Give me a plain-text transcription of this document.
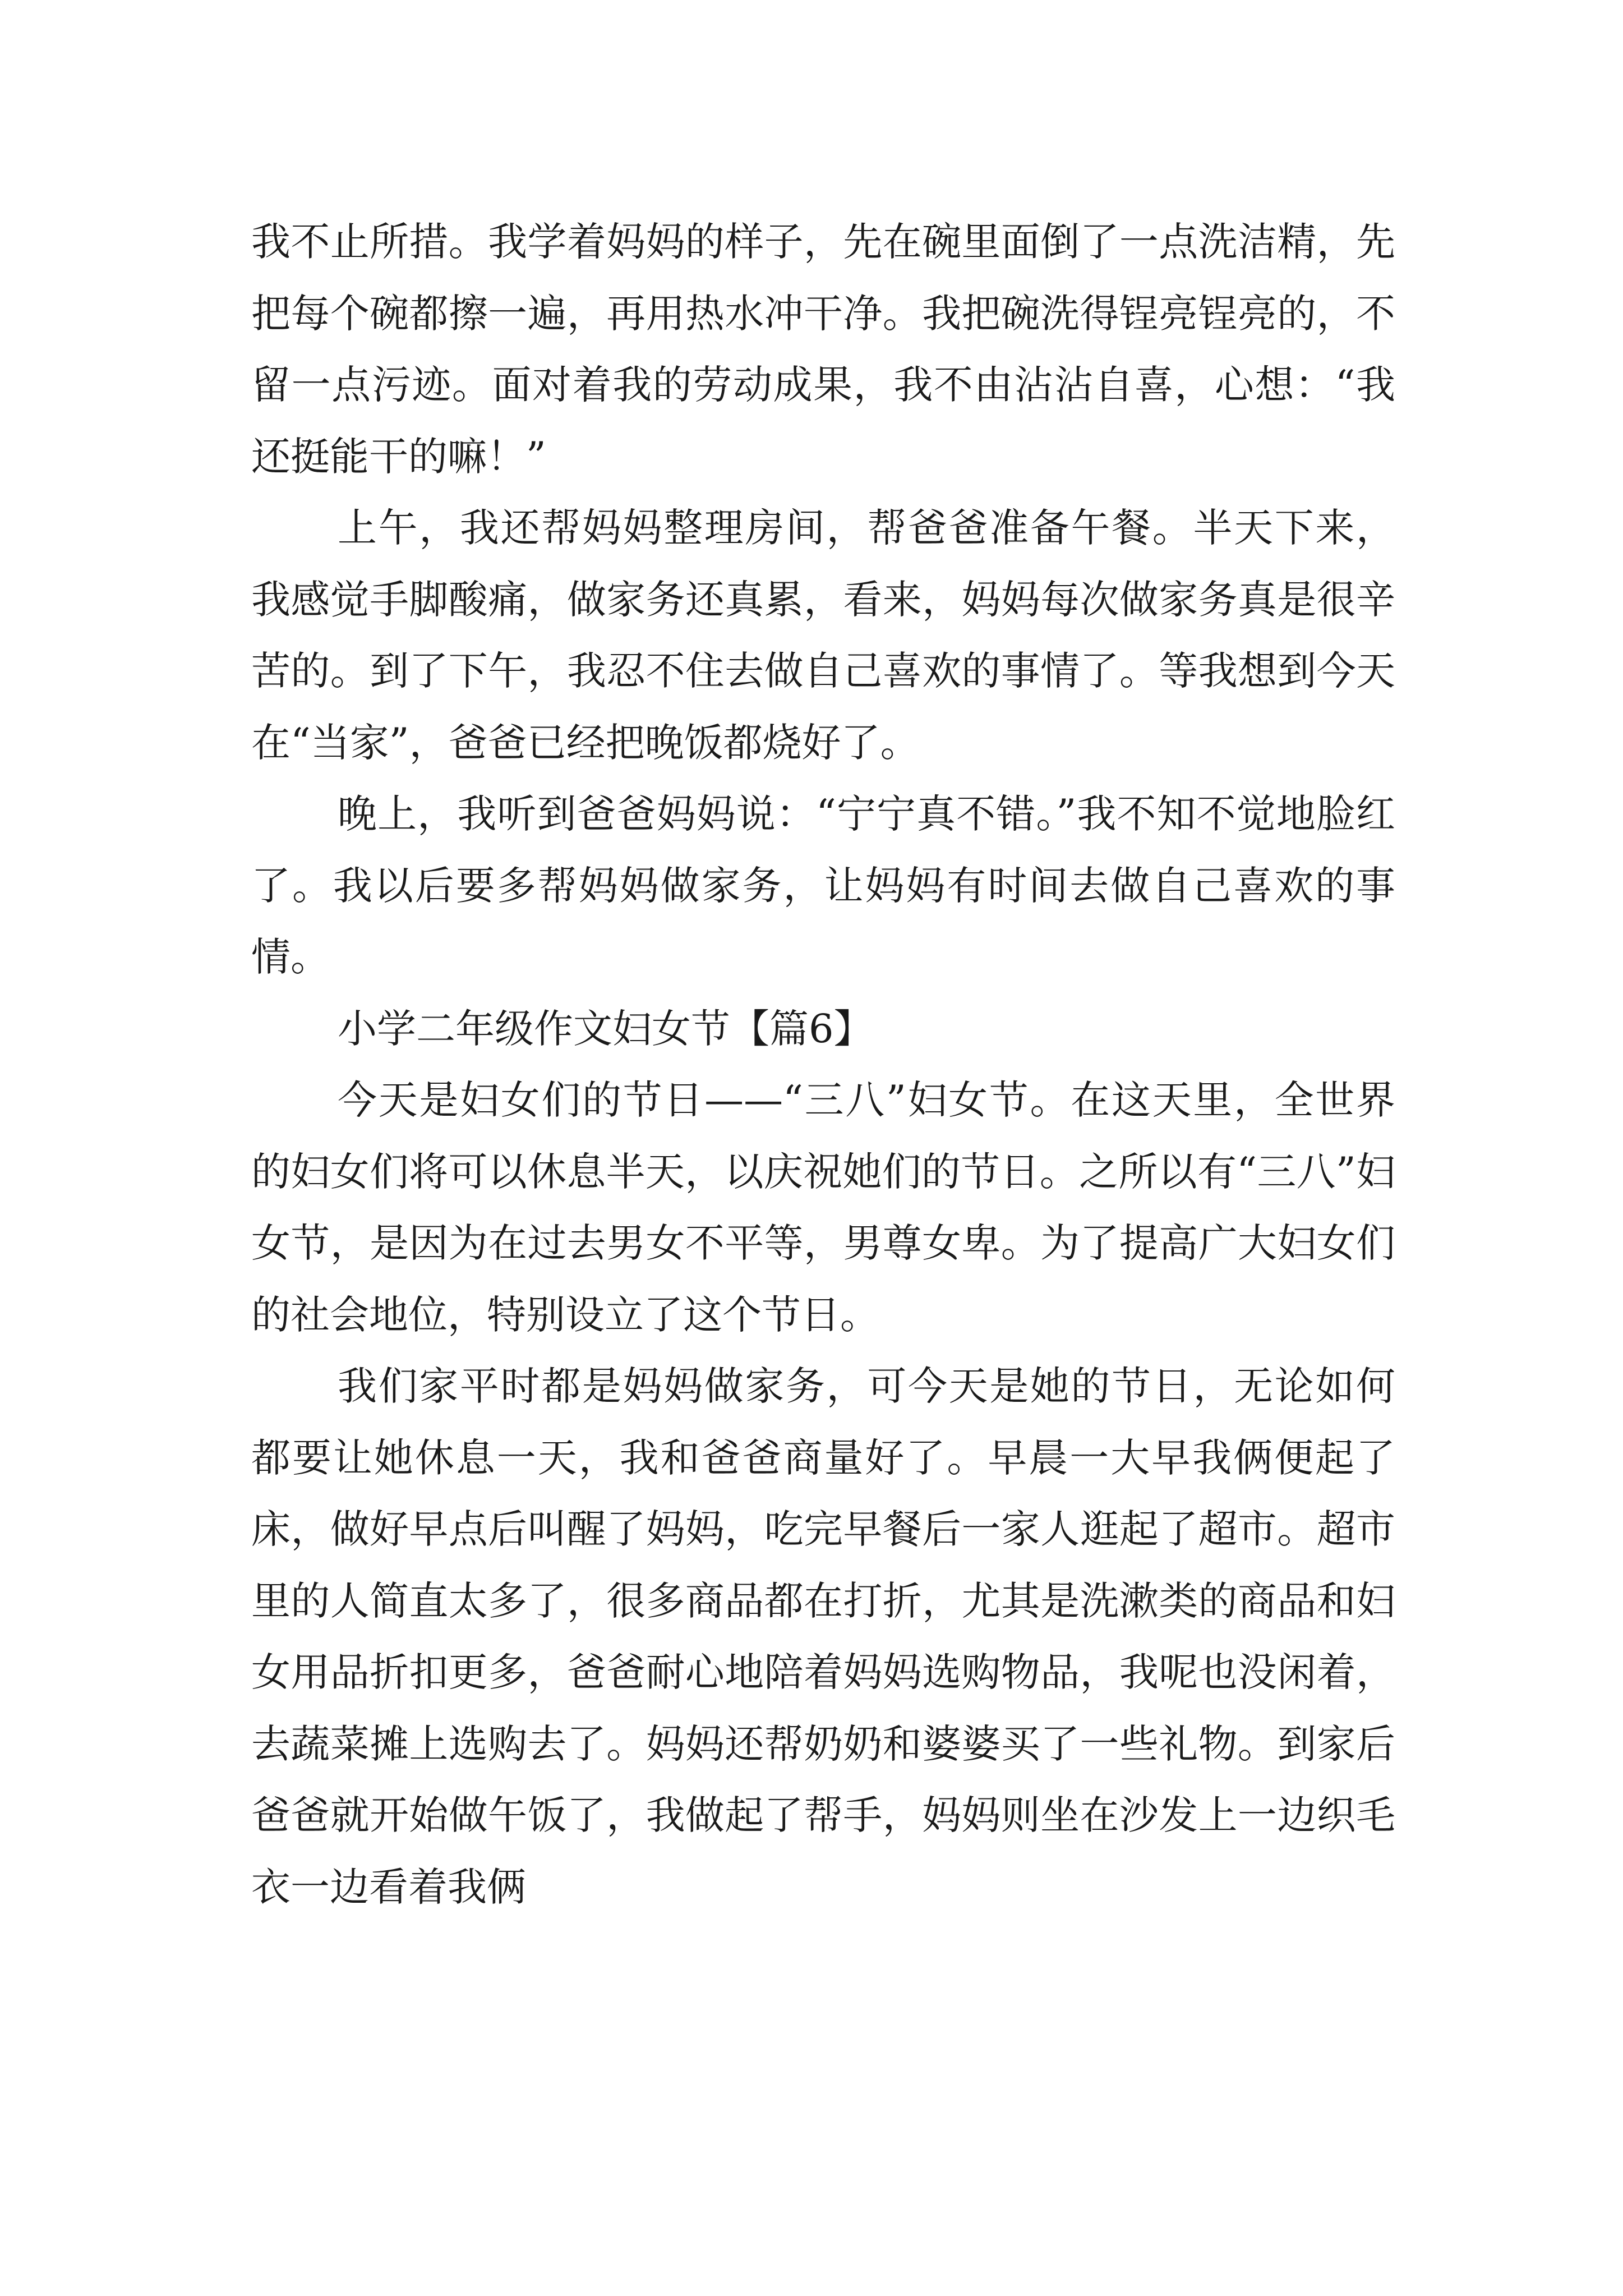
我不止所措。我学着妈妈的样子，先在碗里面倒了一点洗洁精，先把每个碗都擦一遍，再用热水冲干净。我把碗洗得锃亮锃亮的，不留一点污迹。面对着我的劳动成果，我不由沾沾自喜，心想：“我还挺能干的嘛！”

上午，我还帮妈妈整理房间，帮爸爸准备午餐。半天下来，我感觉手脚酸痛，做家务还真累，看来，妈妈每次做家务真是很辛苦的。到了下午，我忍不住去做自己喜欢的事情了。等我想到今天在“当家”，爸爸已经把晚饭都烧好了。

晚上，我听到爸爸妈妈说：“宁宁真不错。”我不知不觉地脸红了。我以后要多帮妈妈做家务，让妈妈有时间去做自己喜欢的事情。

小学二年级作文妇女节【篇6】

今天是妇女们的节日——“三八”妇女节。在这天里，全世界的妇女们将可以休息半天，以庆祝她们的节日。之所以有“三八”妇女节，是因为在过去男女不平等，男尊女卑。为了提高广大妇女们的社会地位，特别设立了这个节日。

我们家平时都是妈妈做家务，可今天是她的节日，无论如何都要让她休息一天，我和爸爸商量好了。早晨一大早我俩便起了床，做好早点后叫醒了妈妈，吃完早餐后一家人逛起了超市。超市里的人简直太多了，很多商品都在打折，尤其是洗漱类的商品和妇女用品折扣更多，爸爸耐心地陪着妈妈选购物品，我呢也没闲着，去蔬菜摊上选购去了。妈妈还帮奶奶和婆婆买了一些礼物。到家后爸爸就开始做午饭了，我做起了帮手，妈妈则坐在沙发上一边织毛衣一边看着我俩
